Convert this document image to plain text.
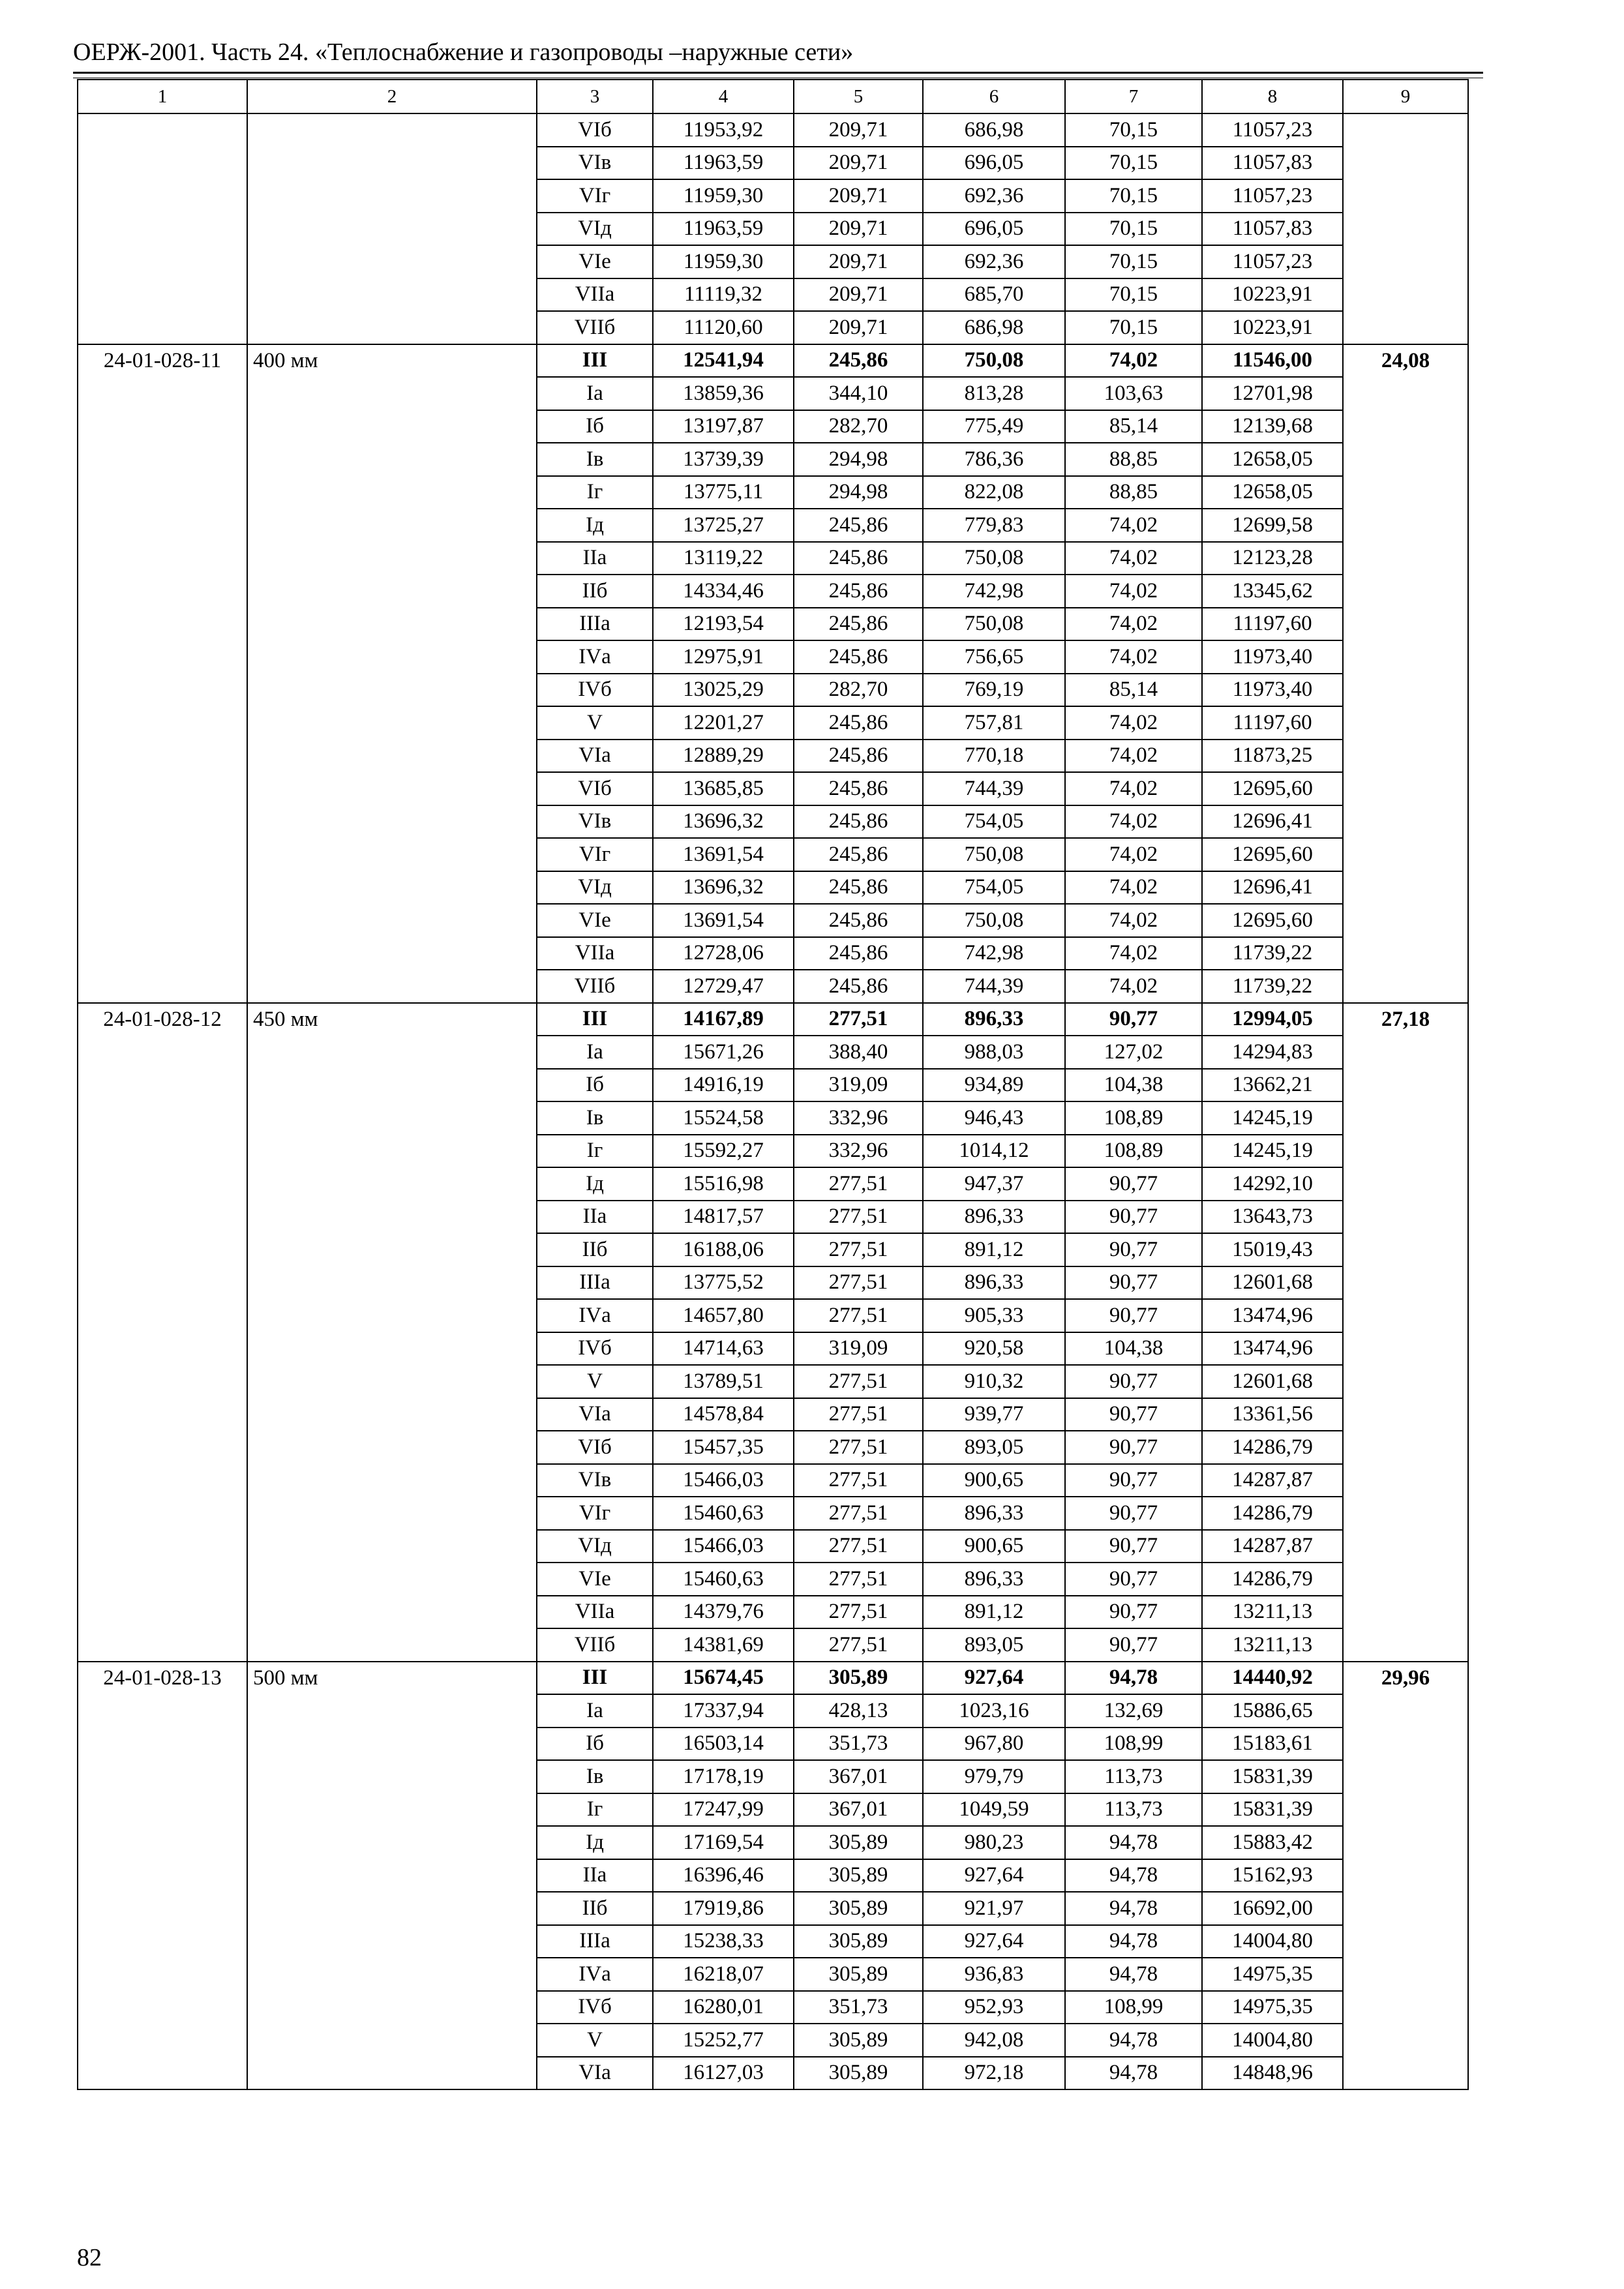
ОЕРЖ-2001. Часть 24. «Теплоснабжение и газопроводы –наружные сети»
1	2	3	4	5	6	7	8	9
		VIб	11953,92	209,71	686,98	70,15	11057,23	
		VIв	11963,59	209,71	696,05	70,15	11057,83	
		VIг	11959,30	209,71	692,36	70,15	11057,23	
		VIд	11963,59	209,71	696,05	70,15	11057,83	
		VIе	11959,30	209,71	692,36	70,15	11057,23	
		VIIа	11119,32	209,71	685,70	70,15	10223,91	
		VIIб	11120,60	209,71	686,98	70,15	10223,91	
24-01-028-11	400 мм	III	12541,94	245,86	750,08	74,02	11546,00	24,08
		Iа	13859,36	344,10	813,28	103,63	12701,98	
		Iб	13197,87	282,70	775,49	85,14	12139,68	
		Iв	13739,39	294,98	786,36	88,85	12658,05	
		Iг	13775,11	294,98	822,08	88,85	12658,05	
		Iд	13725,27	245,86	779,83	74,02	12699,58	
		IIа	13119,22	245,86	750,08	74,02	12123,28	
		IIб	14334,46	245,86	742,98	74,02	13345,62	
		IIIа	12193,54	245,86	750,08	74,02	11197,60	
		IVа	12975,91	245,86	756,65	74,02	11973,40	
		IVб	13025,29	282,70	769,19	85,14	11973,40	
		V	12201,27	245,86	757,81	74,02	11197,60	
		VIа	12889,29	245,86	770,18	74,02	11873,25	
		VIб	13685,85	245,86	744,39	74,02	12695,60	
		VIв	13696,32	245,86	754,05	74,02	12696,41	
		VIг	13691,54	245,86	750,08	74,02	12695,60	
		VIд	13696,32	245,86	754,05	74,02	12696,41	
		VIе	13691,54	245,86	750,08	74,02	12695,60	
		VIIа	12728,06	245,86	742,98	74,02	11739,22	
		VIIб	12729,47	245,86	744,39	74,02	11739,22	
24-01-028-12	450 мм	III	14167,89	277,51	896,33	90,77	12994,05	27,18
		Iа	15671,26	388,40	988,03	127,02	14294,83	
		Iб	14916,19	319,09	934,89	104,38	13662,21	
		Iв	15524,58	332,96	946,43	108,89	14245,19	
		Iг	15592,27	332,96	1014,12	108,89	14245,19	
		Iд	15516,98	277,51	947,37	90,77	14292,10	
		IIа	14817,57	277,51	896,33	90,77	13643,73	
		IIб	16188,06	277,51	891,12	90,77	15019,43	
		IIIа	13775,52	277,51	896,33	90,77	12601,68	
		IVа	14657,80	277,51	905,33	90,77	13474,96	
		IVб	14714,63	319,09	920,58	104,38	13474,96	
		V	13789,51	277,51	910,32	90,77	12601,68	
		VIа	14578,84	277,51	939,77	90,77	13361,56	
		VIб	15457,35	277,51	893,05	90,77	14286,79	
		VIв	15466,03	277,51	900,65	90,77	14287,87	
		VIг	15460,63	277,51	896,33	90,77	14286,79	
		VIд	15466,03	277,51	900,65	90,77	14287,87	
		VIе	15460,63	277,51	896,33	90,77	14286,79	
		VIIа	14379,76	277,51	891,12	90,77	13211,13	
		VIIб	14381,69	277,51	893,05	90,77	13211,13	
24-01-028-13	500 мм	III	15674,45	305,89	927,64	94,78	14440,92	29,96
		Iа	17337,94	428,13	1023,16	132,69	15886,65	
		Iб	16503,14	351,73	967,80	108,99	15183,61	
		Iв	17178,19	367,01	979,79	113,73	15831,39	
		Iг	17247,99	367,01	1049,59	113,73	15831,39	
		Iд	17169,54	305,89	980,23	94,78	15883,42	
		IIа	16396,46	305,89	927,64	94,78	15162,93	
		IIб	17919,86	305,89	921,97	94,78	16692,00	
		IIIа	15238,33	305,89	927,64	94,78	14004,80	
		IVа	16218,07	305,89	936,83	94,78	14975,35	
		IVб	16280,01	351,73	952,93	108,99	14975,35	
		V	15252,77	305,89	942,08	94,78	14004,80	
		VIа	16127,03	305,89	972,18	94,78	14848,96	
82
